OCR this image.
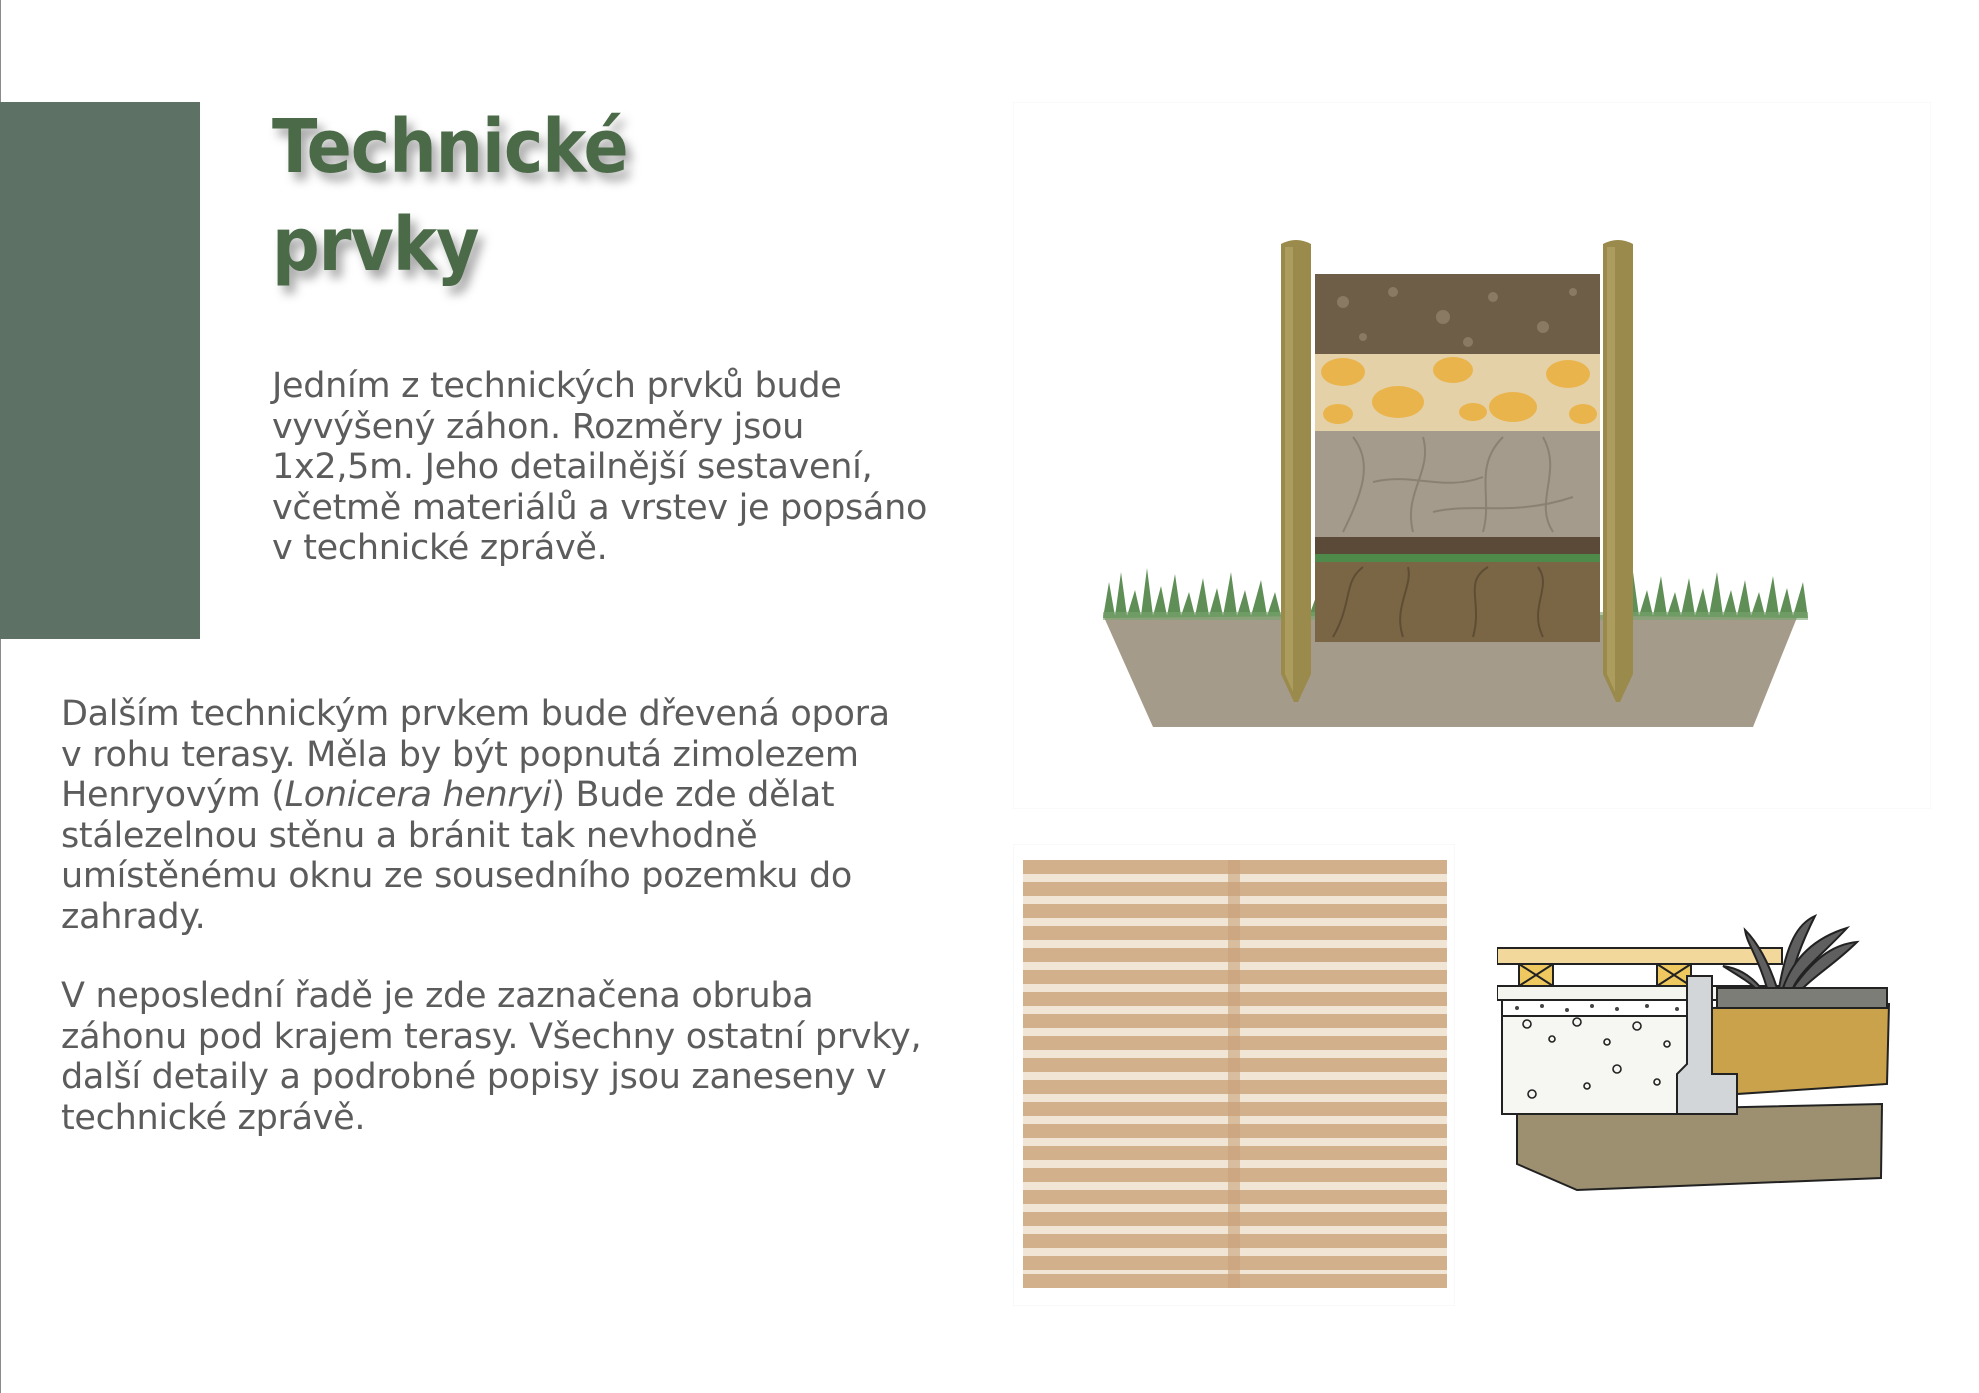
Technické
prvky

Jedním z technických prvků bude
vyvýšený záhon. Rozměry jsou
1x2,5m. Jeho detailnější sestavení,
včetmě materiálů a vrstev je popsáno
v technické zprávě.

Dalším technickým prvkem bude dřevená opora
v rohu terasy. Měla by být popnutá zimolezem
Henryovým (Lonicera henryi) Bude zde dělat
stálezelnou stěnu a bránit tak nevhodně
umístěnému oknu ze sousedního pozemku do
zahrady.

V neposlední řadě je zde zaznačena obruba
záhonu pod krajem terasy. Všechny ostatní prvky,
další detaily a podrobné popisy jsou zaneseny v
technické zprávě.
